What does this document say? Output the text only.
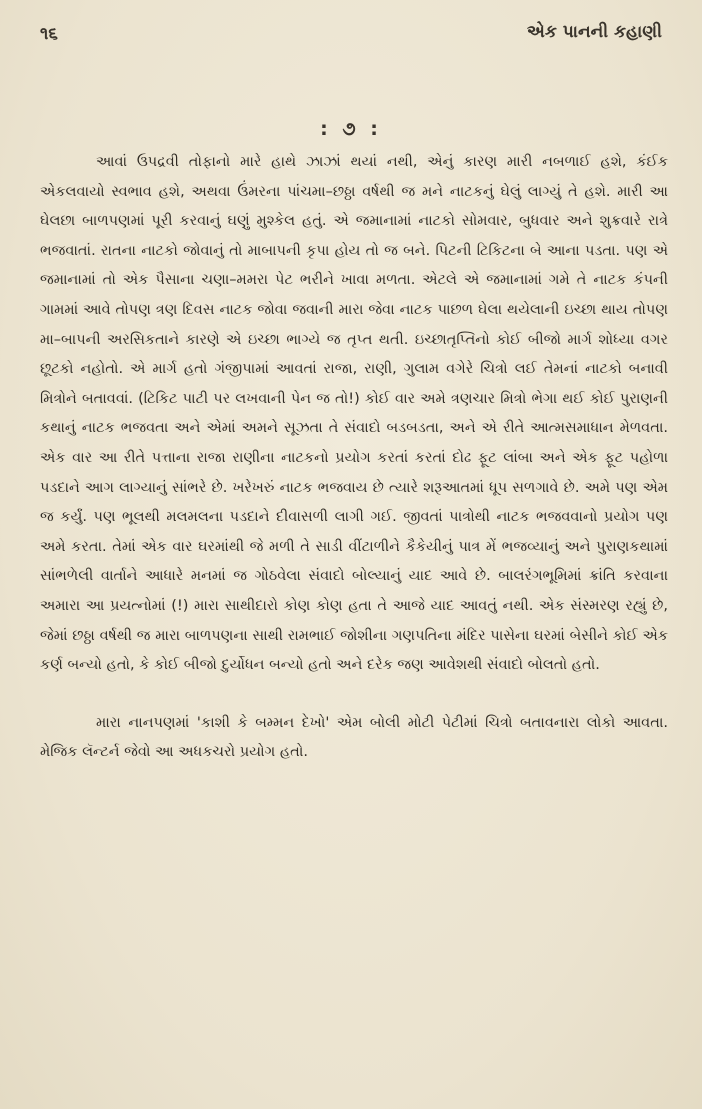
૧૬	એક પાનની કહાણી
: ૭ :

આવાં ઉપદ્રવી તોફાનો મારે હાથે ઝાઝાં થયાં નથી, એનું કારણ મારી નબળાઈ હશે, કંઈક એકલવાયો સ્વભાવ હશે, અથવા ઉંમરના પાંચમા–છઠ્ઠા વર્ષથી જ મને નાટકનું ઘેલું લાગ્યું તે હશે. મારી આ ઘેલછા બાળપણમાં પૂરી કરવાનું ઘણું મુશ્કેલ હતું. એ જમાનામાં નાટકો સોમવાર, બુધવાર અને શુક્રવારે રાત્રે ભજવાતાં. રાતના નાટકો જોવાનું તો માબાપની કૃપા હોય તો જ બને. પિટની ટિકિટના બે આના પડતા. પણ એ જમાનામાં તો એક પૈસાના ચણા–મમરા પેટ ભરીને ખાવા મળતા. એટલે એ જમાનામાં ગમે તે નાટક કંપની ગામમાં આવે તોપણ ત્રણ દિવસ નાટક જોવા જવાની મારા જેવા નાટક પાછળ ઘેલા થયેલાની ઇચ્છા થાય તોપણ મા–બાપની અરસિકતાને કારણે એ ઇચ્છા ભાગ્યે જ તૃપ્ત થતી. ઇચ્છાતૃપ્તિનો કોઈ બીજો માર્ગ શોધ્યા વગર છૂટકો નહોતો. એ માર્ગ હતો ગંજીપામાં આવતાં રાજા, રાણી, ગુલામ વગેરે ચિત્રો લઈ તેમનાં નાટકો બનાવી મિત્રોને બતાવવાં. (ટિકિટ પાટી પર લખવાની પેન જ તો!) કોઈ વાર અમે ત્રણચાર મિત્રો ભેગા થઈ કોઈ પુરાણની કથાનું નાટક ભજવતા અને એમાં અમને સૂઝતા તે સંવાદો બડબડતા, અને એ રીતે આત્મસમાધાન મેળવતા. એક વાર આ રીતે પત્તાના રાજા રાણીના નાટકનો પ્રયોગ કરતાં કરતાં દોઢ ફૂટ લાંબા અને એક ફૂટ પહોળા પડદાને આગ લાગ્યાનું સાંભરે છે. ખરેખરું નાટક ભજવાય છે ત્યારે શરૂઆતમાં ધૂપ સળગાવે છે. અમે પણ એમ જ કર્યું. પણ ભૂલથી મલમલના પડદાને દીવાસળી લાગી ગઈ. જીવતાં પાત્રોથી નાટક ભજવવાનો પ્રયોગ પણ અમે કરતા. તેમાં એક વાર ઘરમાંથી જે મળી તે સાડી વીંટાળીને કૈકેયીનું પાત્ર મેં ભજવ્યાનું અને પુરાણકથામાં સાંભળેલી વાર્તાને આધારે મનમાં જ ગોઠવેલા સંવાદો બોલ્યાનું યાદ આવે છે. બાલરંગભૂમિમાં ક્રાંતિ કરવાના અમારા આ પ્રયત્નોમાં (!) મારા સાથીદારો કોણ કોણ હતા તે આજે યાદ આવતું નથી. એક સંસ્મરણ રહ્યું છે, જેમાં છઠ્ઠા વર્ષથી જ મારા બાળપણના સાથી રામભાઈ જોશીના ગણપતિના મંદિર પાસેના ઘરમાં બેસીને કોઈ એક કર્ણ બન્યો હતો, કે કોઈ બીજો દુર્યોધન બન્યો હતો અને દરેક જણ આવેશથી સંવાદો બોલતો હતો.

મારા નાનપણમાં 'કાશી કે બમ્મન દેખો' એમ બોલી મોટી પેટીમાં ચિત્રો બતાવનારા લોકો આવતા. મેજિક લૅન્ટર્ન જેવો આ અધકચરો પ્રયોગ હતો.
